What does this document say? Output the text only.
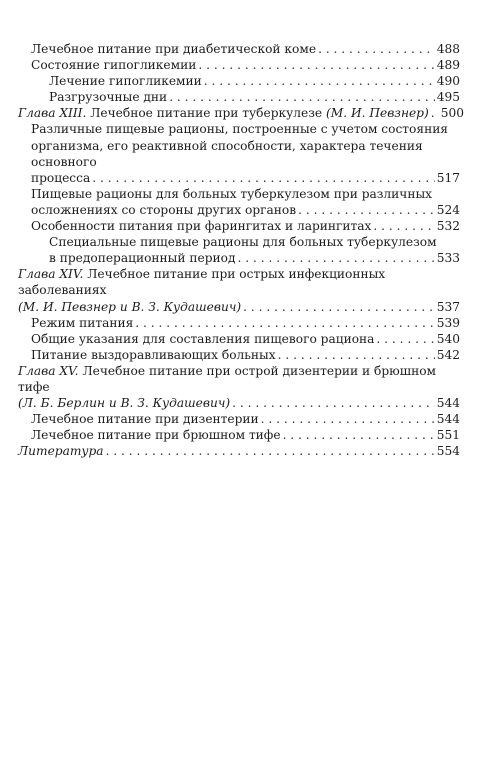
Лечебное питание при диабетической коме . . .	488
Состояние гипогликемии . . .	489
Лечение гипогликемии . . .	490
Разгрузочные дни . . .	495
Глава XIII. Лечебное питание при туберкулезе (М. И. Певзнер) . . . 500
Различные пищевые рационы, построенные с учетом состояния
организма, его реактивной способности, характера течения основного
процесса . . .	517
Пищевые рационы для больных туберкулезом при различных
осложнениях со стороны других органов . . .	524
Особенности питания при фарингитах и ларингитах . . .	532
Специальные пищевые рационы для больных туберкулезом
в предоперационный период . . .	533
Глава XIV. Лечебное питание при острых инфекционных заболеваниях
(М. И. Певзнер и В. З. Кудашевич) . . .	537
Режим питания . . .	539
Общие указания для составления пищевого рациона . . .	540
Питание выздоравливающих больных . . .	542
Глава XV. Лечебное питание при острой дизентерии и брюшном тифе
(Л. Б. Берлин и В. З. Кудашевич) . . .	544
Лечебное питание при дизентерии . . .	544
Лечебное питание при брюшном тифе . . .	551
Литература . . .	554
